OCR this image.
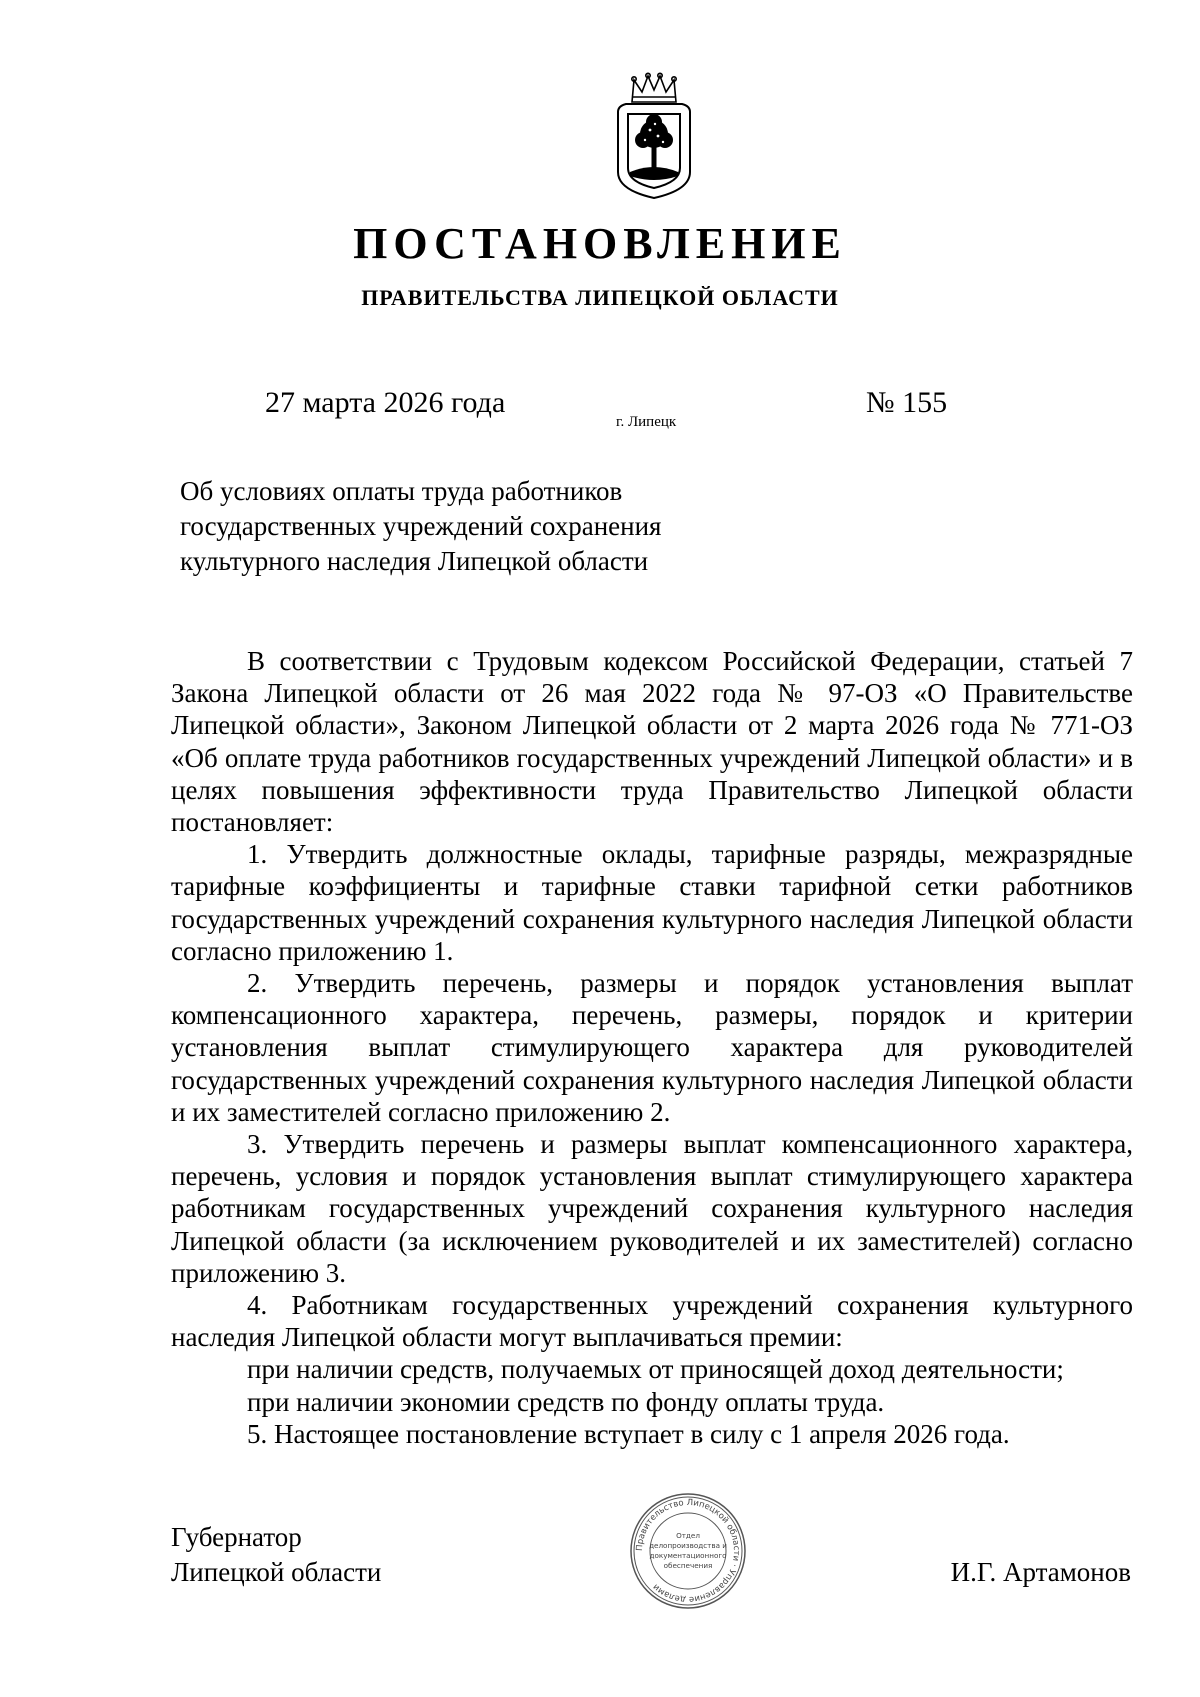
ПОСТАНОВЛЕНИЕ
ПРАВИТЕЛЬСТВА ЛИПЕЦКОЙ ОБЛАСТИ
27 марта 2026 года
г. Липецк
№ 155
Об условиях оплаты труда работников
государственных учреждений сохранения
культурного наследия Липецкой области

В соответствии с Трудовым кодексом Российской Федерации, статьей 7 Закона Липецкой области от 26 мая 2022 года № 97-ОЗ «О Правительстве Липецкой области», Законом Липецкой области от 2 марта 2026 года № 771-ОЗ «Об оплате труда работников государственных учреждений Липецкой области» и в целях повышения эффективности труда Правительство Липецкой области постановляет:

1. Утвердить должностные оклады, тарифные разряды, межразрядные тарифные коэффициенты и тарифные ставки тарифной сетки работников государственных учреждений сохранения культурного наследия Липецкой области согласно приложению 1.

2. Утвердить перечень, размеры и порядок установления выплат компенсационного характера, перечень, размеры, порядок и критерии установления выплат стимулирующего характера для руководителей государственных учреждений сохранения культурного наследия Липецкой области и их заместителей согласно приложению 2.

3. Утвердить перечень и размеры выплат компенсационного характера, перечень, условия и порядок установления выплат стимулирующего характера работникам государственных учреждений сохранения культурного наследия Липецкой области (за исключением руководителей и их заместителей) согласно приложению 3.

4. Работникам государственных учреждений сохранения культурного наследия Липецкой области могут выплачиваться премии:

при наличии средств, получаемых от приносящей доход деятельности;

при наличии экономии средств по фонду оплаты труда.

5. Настоящее постановление вступает в силу с 1 апреля 2026 года.

Губернатор
Липецкой области	И.Г. Артамонов
Правительство Липецкой области · Управление делами
Отдел
делопроизводства и
документационного
обеспечения
